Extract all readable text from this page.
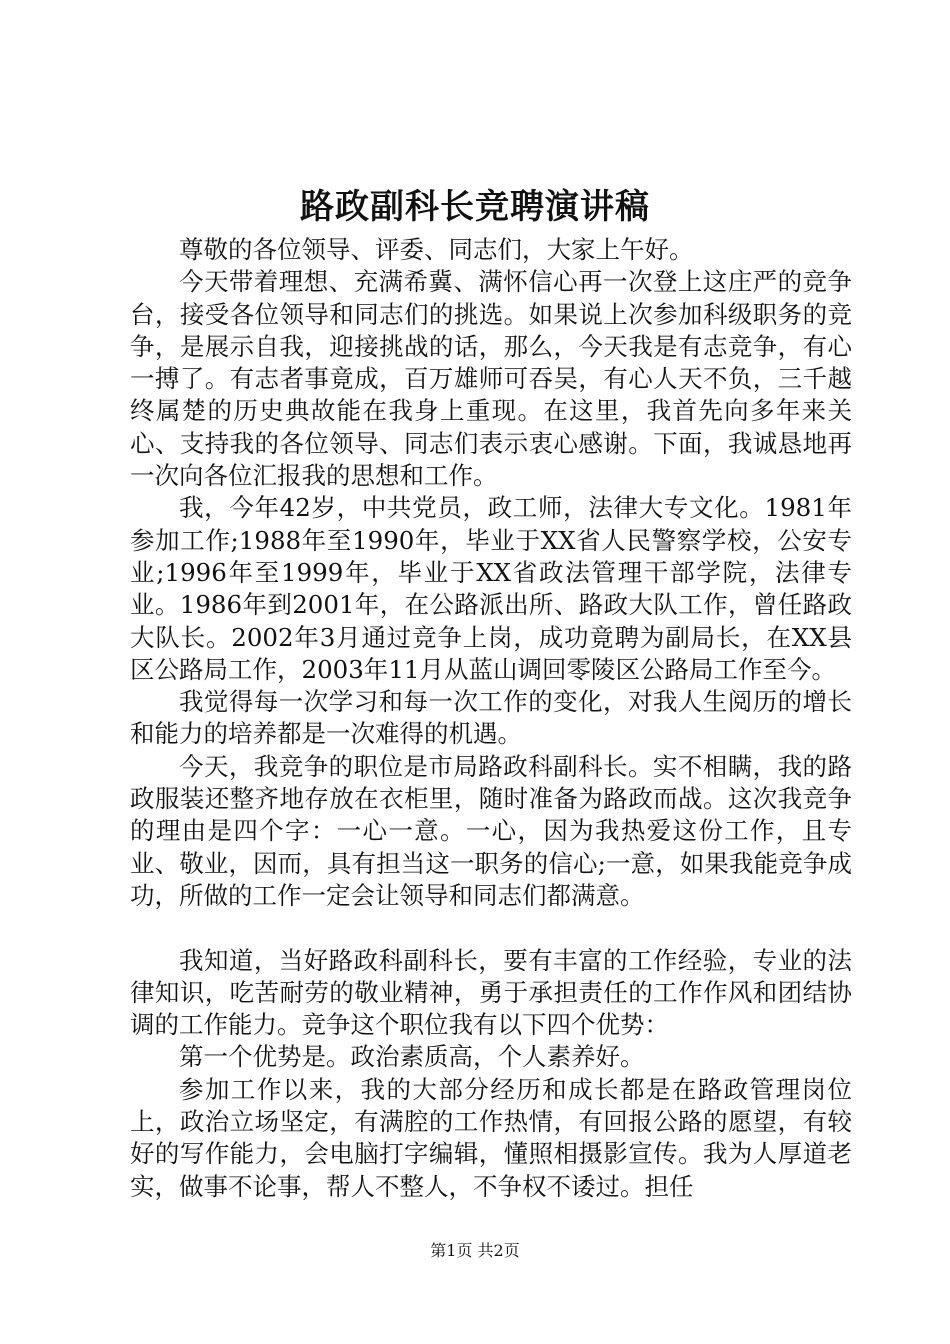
路政副科长竞聘演讲稿

尊敬的各位领导、评委、同志们，大家上午好。

今天带着理想、充满希冀、满怀信心再一次登上这庄严的竞争台，接受各位领导和同志们的挑选。如果说上次参加科级职务的竞争，是展示自我，迎接挑战的话，那么，今天我是有志竞争，有心一搏了。有志者事竟成，百万雄师可吞吴，有心人天不负，三千越终属楚的历史典故能在我身上重现。在这里，我首先向多年来关心、支持我的各位领导、同志们表示衷心感谢。下面，我诚恳地再一次向各位汇报我的思想和工作。

我，今年42岁，中共党员，政工师，法律大专文化。1981年参加工作;1988年至1990年，毕业于XX省人民警察学校，公安专业;1996年至1999年，毕业于XX省政法管理干部学院，法律专业。1986年到2001年，在公路派出所、路政大队工作，曾任路政大队长。2002年3月通过竞争上岗，成功竟聘为副局长，在XX县区公路局工作，2003年11月从蓝山调回零陵区公路局工作至今。

我觉得每一次学习和每一次工作的变化，对我人生阅历的增长和能力的培养都是一次难得的机遇。

今天，我竞争的职位是市局路政科副科长。实不相瞒，我的路政服装还整齐地存放在衣柜里，随时准备为路政而战。这次我竞争的理由是四个字：一心一意。一心，因为我热爱这份工作，且专业、敬业，因而，具有担当这一职务的信心;一意，如果我能竞争成功，所做的工作一定会让领导和同志们都满意。

我知道，当好路政科副科长，要有丰富的工作经验，专业的法律知识，吃苦耐劳的敬业精神，勇于承担责任的工作作风和团结协调的工作能力。竞争这个职位我有以下四个优势：

第一个优势是。政治素质高，个人素养好。

参加工作以来，我的大部分经历和成长都是在路政管理岗位上，政治立场坚定，有满腔的工作热情，有回报公路的愿望，有较好的写作能力，会电脑打字编辑，懂照相摄影宣传。我为人厚道老实，做事不论事，帮人不整人，不争权不诿过。担任

第1页 共2页
